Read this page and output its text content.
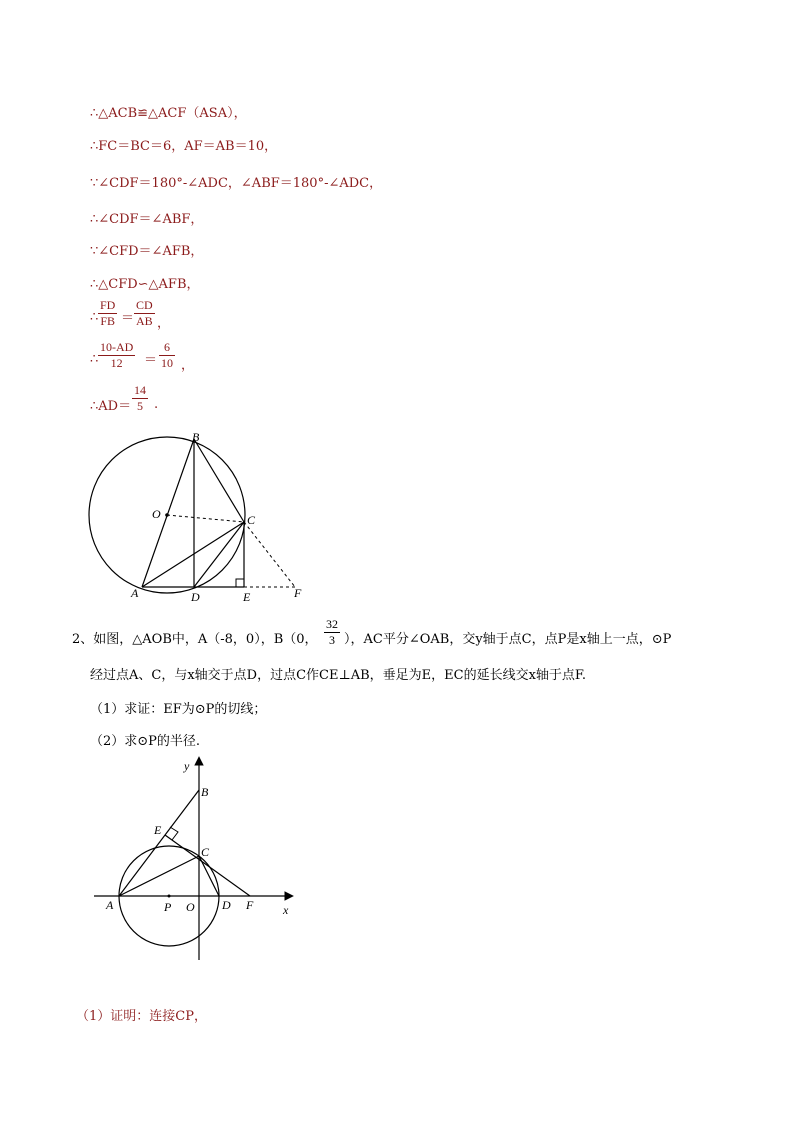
∴△ACB≌△ACF（ASA），
∴FC＝BC＝6，AF＝AB＝10，
∵∠CDF＝180°-∠ADC，∠ABF＝180°-∠ADC，
∴∠CDF＝∠ABF，
∵∠CFD＝∠AFB，
∴△CFD∽△AFB，
∴ $\frac{FD}{FB} = \frac{CD}{AB}$ ，
∴ $\frac{10-AD}{12} = \frac{6}{10}$ ，
∴AD＝ $\frac{14}{5}$ .
B
O	C
A	D	E	F
2、如图，△AOB中，A（-8，0），B（0， $\frac{32}{3}$ ），AC平分∠OAB，交y轴于点C，点P是x轴上一点，⊙P
经过点A、C，与x轴交于点D，过点C作CE⊥AB，垂足为E，EC的延长线交x轴于点F.
（1）求证：EF为⊙P的切线；
（2）求⊙P的半径.
y
B
E
C
A	P O D F x
（1）证明：连接CP，
